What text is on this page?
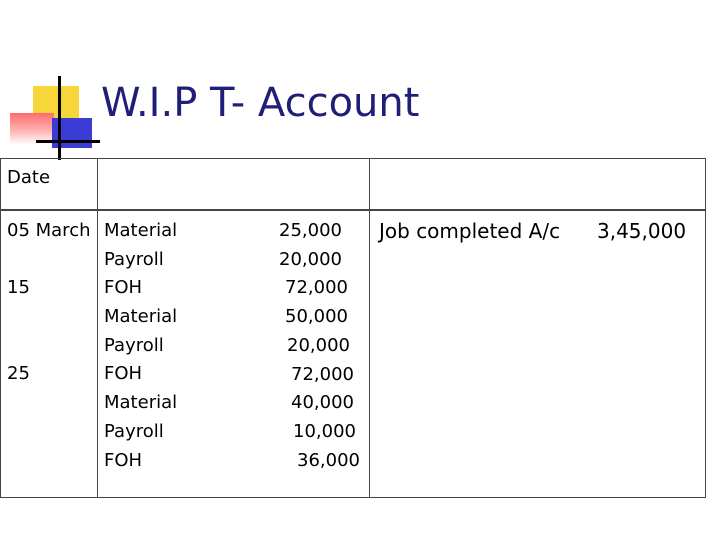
W.I.P T- Account
Date
05 March
15
25
Material
Payroll
FOH
Material
Payroll
FOH
Material
Payroll
FOH
25,000
20,000
72,000
50,000
20,000
72,000
40,000
10,000
36,000
Job completed A/c 3,45,000
